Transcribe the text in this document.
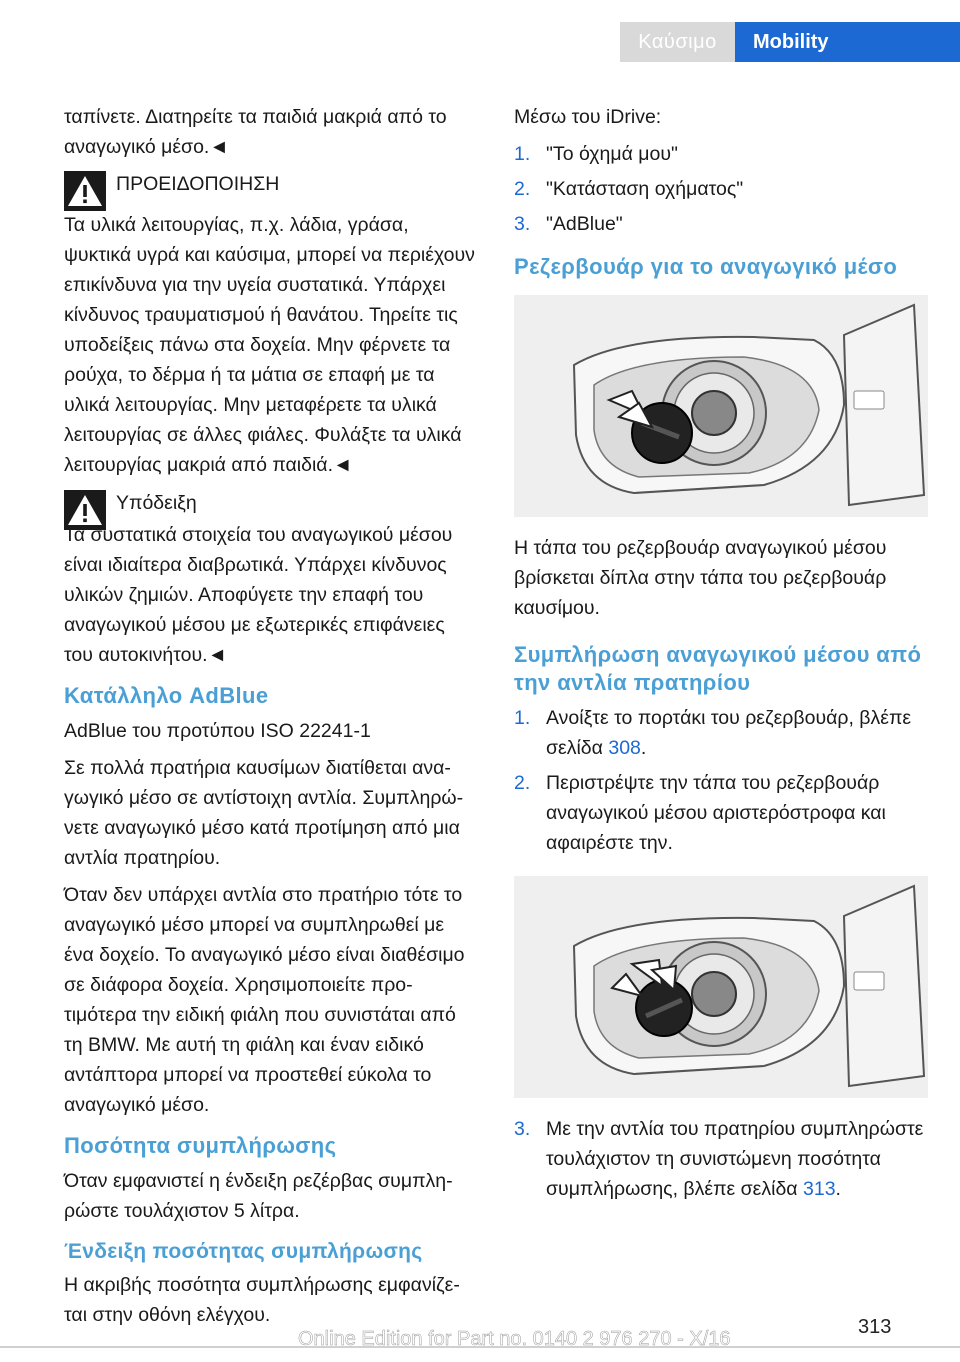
Καύσιμο	Mobility

ταπίνετε. Διατηρείτε τα παιδιά μακριά από το αναγωγικό μέσο.◄

ΠΡΟΕΙΔΟΠΟΙΗΣΗ

Τα υλικά λειτουργίας, π.χ. λάδια, γράσα, ψυκτικά υγρά και καύσιμα, μπορεί να περιέχουν επικίνδυνα για την υγεία συστατικά. Υπάρχει κίνδυνος τραυματισμού ή θανάτου. Τηρείτε τις υποδείξεις πάνω στα δοχεία. Μην φέρνετε τα ρούχα, το δέρμα ή τα μάτια σε επαφή με τα υλικά λειτουργίας. Μην μεταφέρετε τα υλικά λειτουργίας σε άλλες φιάλες. Φυλάξτε τα υλικά λειτουργίας μακριά από παιδιά.◄

Υπόδειξη

Τα συστατικά στοιχεία του αναγωγικού μέσου είναι ιδιαίτερα διαβρωτικά. Υπάρχει κίνδυνος υλικών ζημιών. Αποφύγετε την επαφή του αναγωγικού μέσου με εξωτερικές επιφάνειες του αυτοκινήτου.◄

Κατάλληλο AdBlue

AdBlue του προτύπου ISO 22241-1

Σε πολλά πρατήρια καυσίμων διατίθεται αναγωγικό μέσο σε αντίστοιχη αντλία. Συμπληρώνετε αναγωγικό μέσο κατά προτίμηση από μια αντλία πρατηρίου.

Όταν δεν υπάρχει αντλία στο πρατήριο τότε το αναγωγικό μέσο μπορεί να συμπληρωθεί με ένα δοχείο. Το αναγωγικό μέσο είναι διαθέσιμο σε διάφορα δοχεία. Χρησιμοποιείτε προτιμότερα την ειδική φιάλη που συνιστάται από τη BMW. Με αυτή τη φιάλη και έναν ειδικό αντάπτορα μπορεί να προστεθεί εύκολα το αναγωγικό μέσο.

Ποσότητα συμπλήρωσης

Όταν εμφανιστεί η ένδειξη ρεζέρβας συμπληρώστε τουλάχιστον 5 λίτρα.

Ένδειξη ποσότητας συμπλήρωσης

Η ακριβής ποσότητα συμπλήρωσης εμφανίζεται στην οθόνη ελέγχου.

Μέσω του iDrive:

1. "Το όχημά μου"
2. "Κατάσταση οχήματος"
3. "AdBlue"
Ρεζερβουάρ για το αναγωγικό μέσο

Η τάπα του ρεζερβουάρ αναγωγικού μέσου βρίσκεται δίπλα στην τάπα του ρεζερβουάρ καυσίμου.

Συμπλήρωση αναγωγικού μέσου από την αντλία πρατηρίου
1. Ανοίξτε το πορτάκι του ρεζερβουάρ, βλέπε σελίδα 308.
2. Περιστρέψτε την τάπα του ρεζερβουάρ αναγωγικού μέσου αριστερόστροφα και αφαιρέστε την.
3. Με την αντλία του πρατηρίου συμπληρώστε τουλάχιστον τη συνιστώμενη ποσότητα συμπλήρωσης, βλέπε σελίδα 313.
313
Online Edition for Part no. 0140 2 976 270 - X/16
